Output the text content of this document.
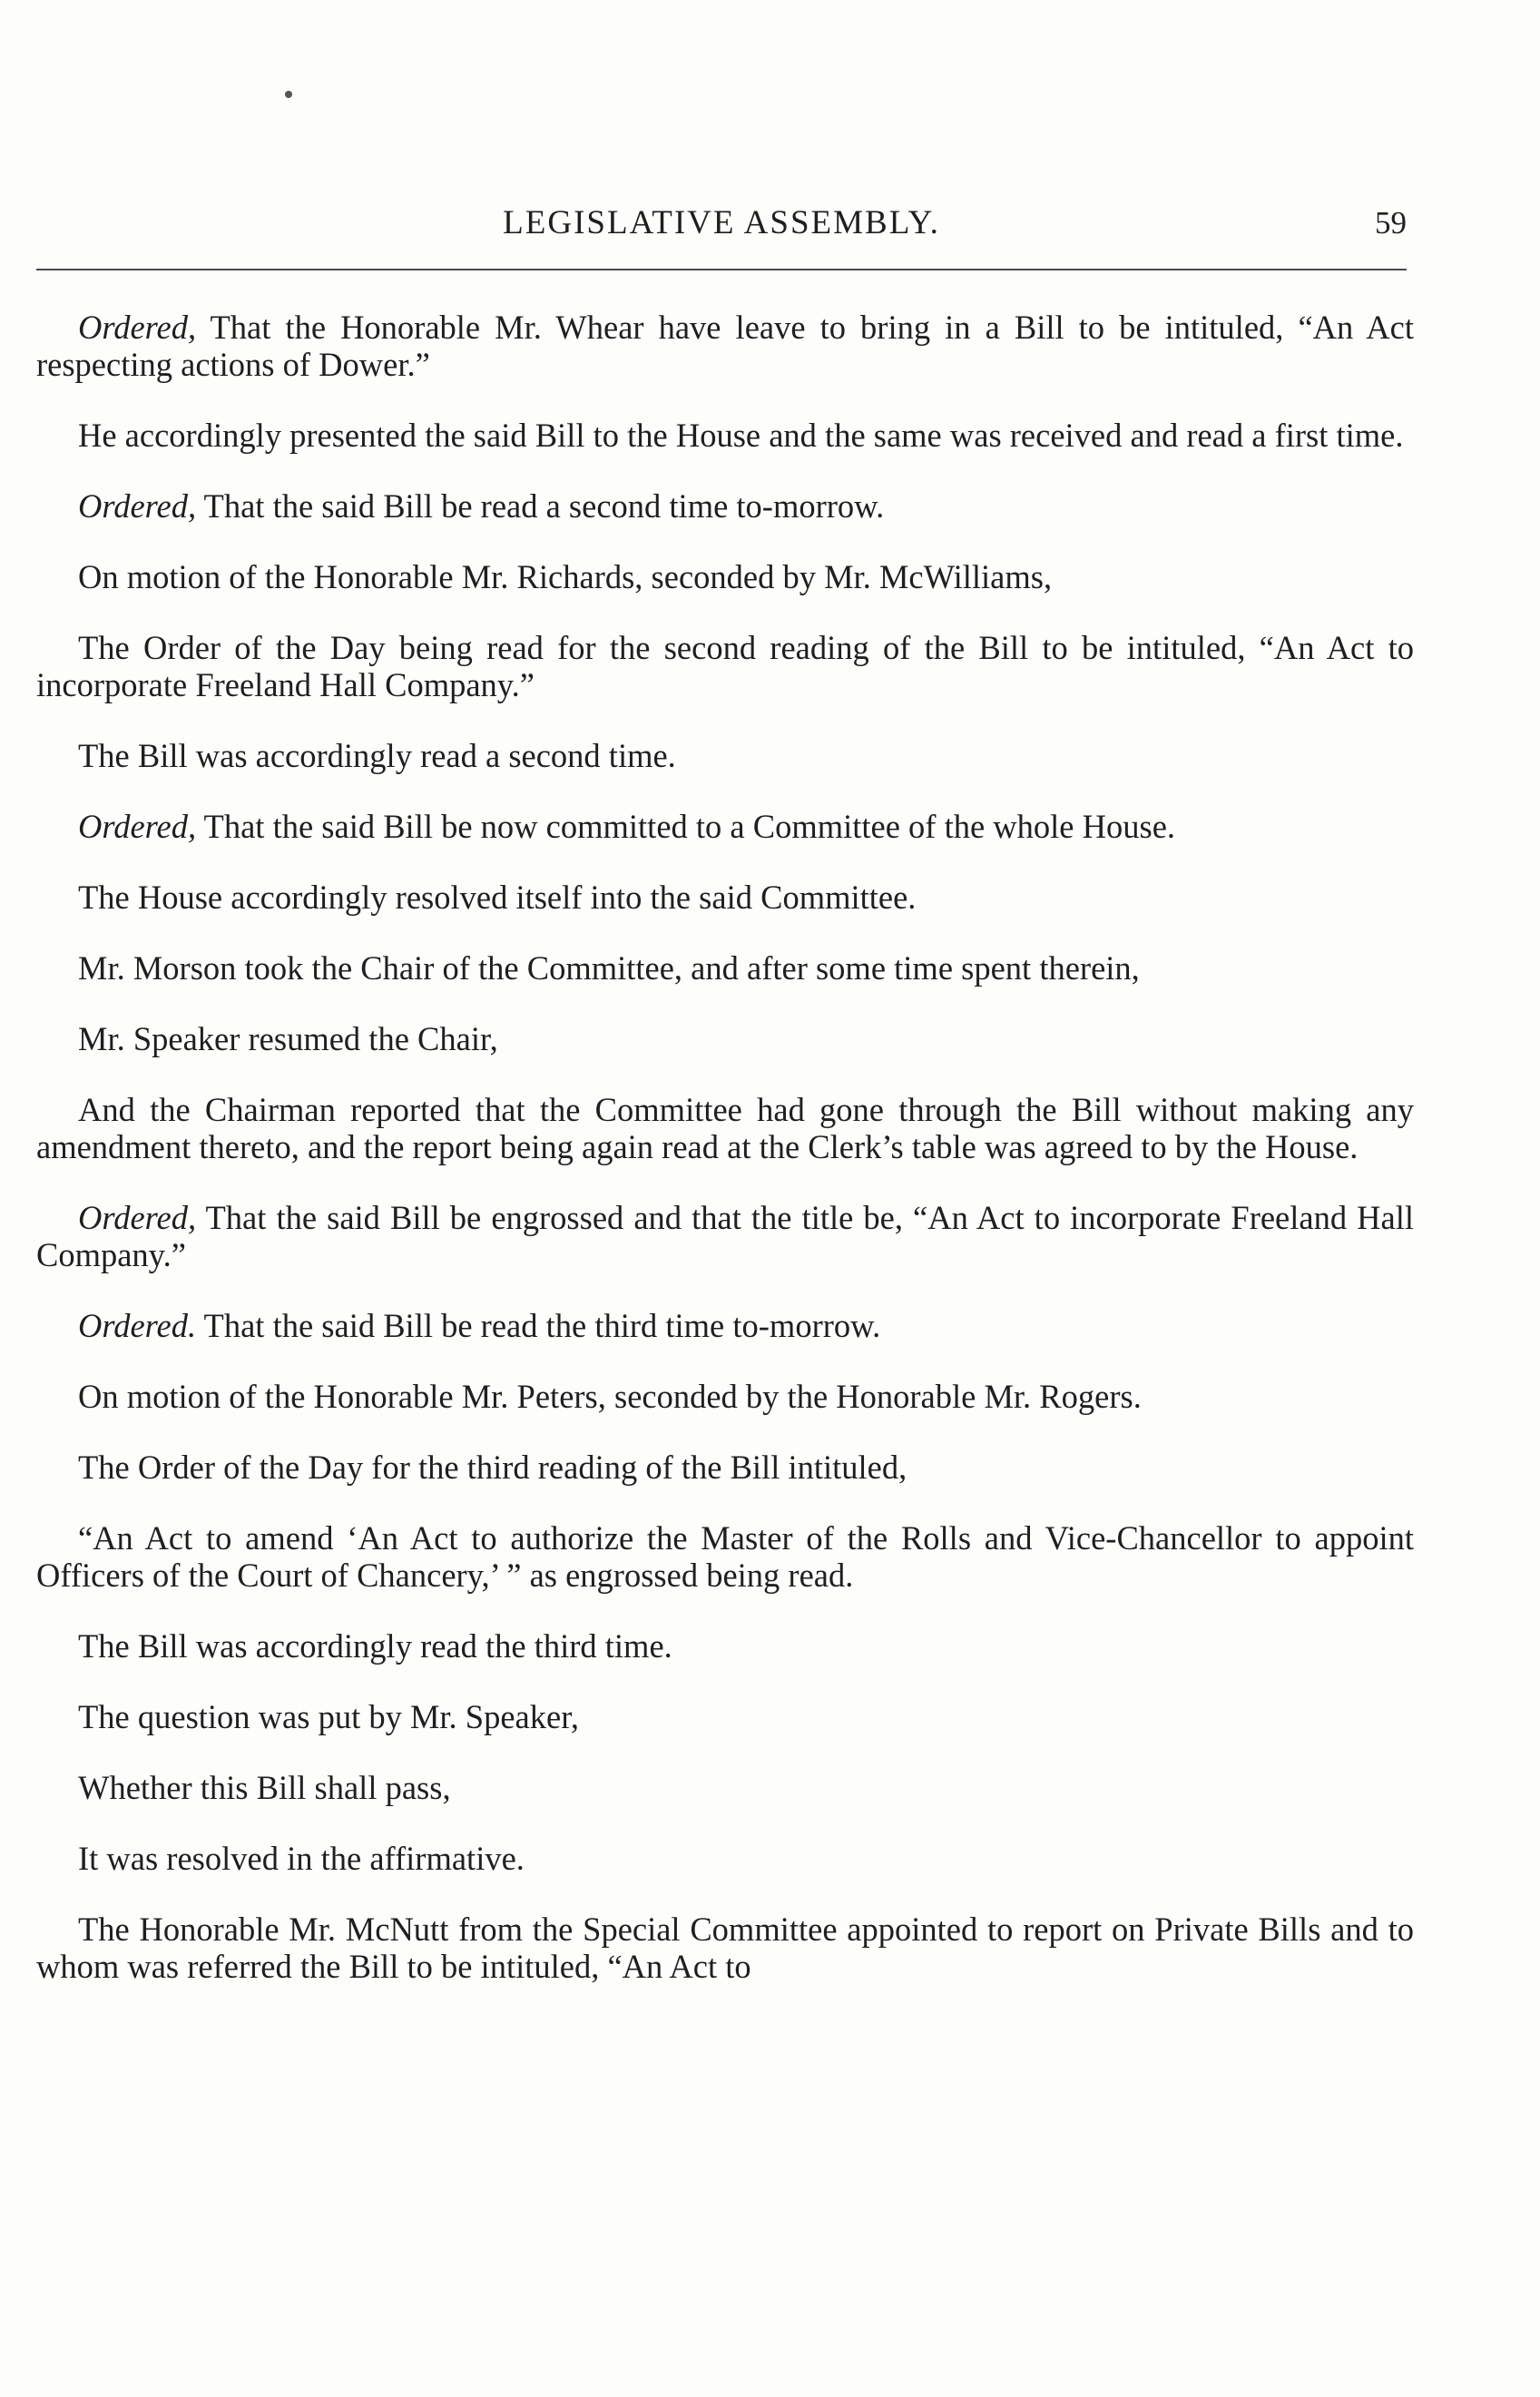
LEGISLATIVE ASSEMBLY.	59

Ordered, That the Honorable Mr. Whear have leave to bring in a Bill to be intituled, “An Act respecting actions of Dower.”

He accordingly presented the said Bill to the House and the same was received and read a first time.

Ordered, That the said Bill be read a second time to-morrow.

On motion of the Honorable Mr. Richards, seconded by Mr. McWilliams,

The Order of the Day being read for the second reading of the Bill to be intituled, “An Act to incorporate Freeland Hall Company.”

The Bill was accordingly read a second time.

Ordered, That the said Bill be now committed to a Committee of the whole House.

The House accordingly resolved itself into the said Committee.

Mr. Morson took the Chair of the Committee, and after some time spent therein,

Mr. Speaker resumed the Chair,

And the Chairman reported that the Committee had gone through the Bill without making any amendment thereto, and the report being again read at the Clerk’s table was agreed to by the House.

Ordered, That the said Bill be engrossed and that the title be, “An Act to incorporate Freeland Hall Company.”

Ordered. That the said Bill be read the third time to-morrow.

On motion of the Honorable Mr. Peters, seconded by the Honorable Mr. Rogers.

The Order of the Day for the third reading of the Bill intituled,

“An Act to amend ‘An Act to authorize the Master of the Rolls and Vice-Chancellor to appoint Officers of the Court of Chancery,’ ” as engrossed being read.

The Bill was accordingly read the third time.

The question was put by Mr. Speaker,

Whether this Bill shall pass,

It was resolved in the affirmative.

The Honorable Mr. McNutt from the Special Committee appointed to report on Private Bills and to whom was referred the Bill to be intituled, “An Act to
